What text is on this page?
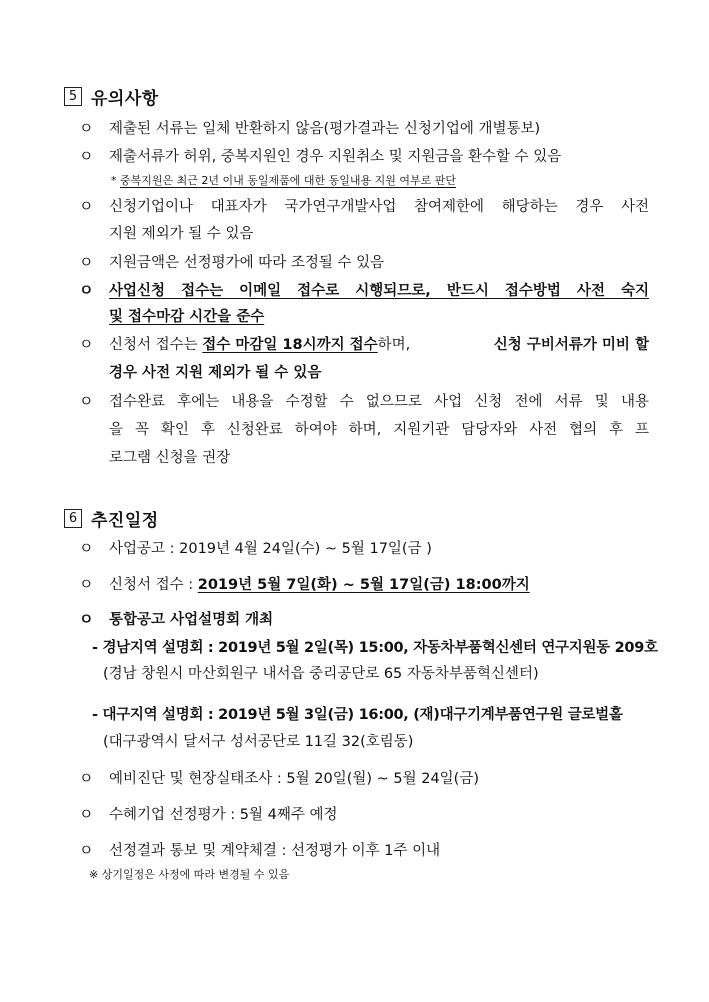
5 유의사항
ㅇ 제출된 서류는 일체 반환하지 않음(평가결과는 신청기업에 개별통보)
ㅇ 제출서류가 허위, 중복지원인 경우 지원취소 및 지원금을 환수할 수 있음
* 중복지원은 최근 2년 이내 동일제품에 대한 동일내용 지원 여부로 판단
ㅇ 신청기업이나 대표자가 국가연구개발사업 참여제한에 해당하는 경우 사전
지원 제외가 될 수 있음
ㅇ 지원금액은 선정평가에 따라 조정될 수 있음
ㅇ 사업신청 접수는 이메일 접수로 시행되므로, 반드시 접수방법 사전 숙지
및 접수마감 시간을 준수
ㅇ 신청서 접수는 접수 마감일 18시까지 접수하며,	신청 구비서류가 미비 할
경우 사전 지원 제외가 될 수 있음
ㅇ 접수완료 후에는 내용을 수정할 수 없으므로 사업 신청 전에 서류 및 내용
을 꼭 확인 후 신청완료 하여야 하며, 지원기관 담당자와 사전 협의 후 프
로그램 신청을 권장
6 추진일정
ㅇ 사업공고 : 2019년 4월 24일(수) ~ 5월 17일(금 )
ㅇ 신청서 접수 : 2019년 5월 7일(화) ~ 5월 17일(금) 18:00까지
ㅇ 통합공고 사업설명회 개최
- 경남지역 설명회 : 2019년 5월 2일(목) 15:00, 자동차부품혁신센터 연구지원동 209호
(경남 창원시 마산회원구 내서읍 중리공단로 65 자동차부품혁신센터)
- 대구지역 설명회 : 2019년 5월 3일(금) 16:00, (재)대구기계부품연구원 글로벌홀
(대구광역시 달서구 성서공단로 11길 32(호림동)
ㅇ 예비진단 및 현장실태조사 : 5월 20일(월) ~ 5월 24일(금)
ㅇ 수혜기업 선정평가 : 5월 4째주 예정
ㅇ 선정결과 통보 및 계약체결 : 선정평가 이후 1주 이내
※ 상기일정은 사정에 따라 변경될 수 있음
